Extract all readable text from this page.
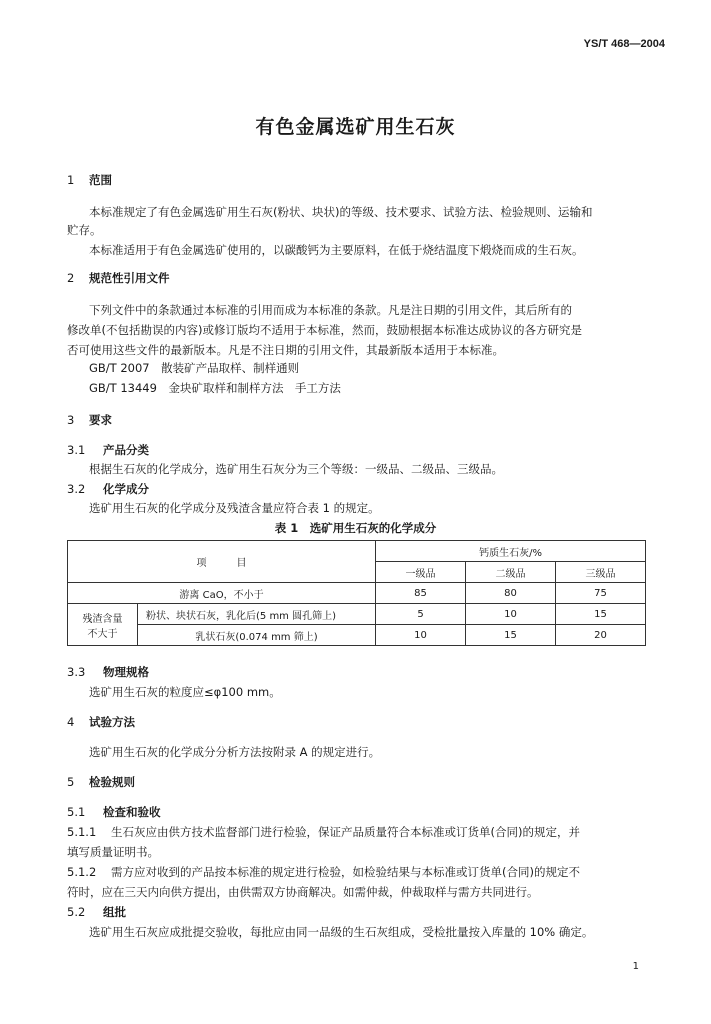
YS/T 468—2004
有色金属选矿用生石灰
1 范围
本标准规定了有色金属选矿用生石灰(粉状、块状)的等级、技术要求、试验方法、检验规则、运输和
贮存。
本标准适用于有色金属选矿使用的，以碳酸钙为主要原料，在低于烧结温度下煅烧而成的生石灰。
2 规范性引用文件
下列文件中的条款通过本标准的引用而成为本标准的条款。凡是注日期的引用文件，其后所有的
修改单(不包括勘误的内容)或修订版均不适用于本标准，然而，鼓励根据本标准达成协议的各方研究是
否可使用这些文件的最新版本。凡是不注日期的引用文件，其最新版本适用于本标准。
GB/T 2007　散装矿产品取样、制样通则
GB/T 13449　金块矿取样和制样方法　手工方法
3 要求
3.1 产品分类
根据生石灰的化学成分，选矿用生石灰分为三个等级：一级品、二级品、三级品。
3.2 化学成分
选矿用生石灰的化学成分及残渣含量应符合表 1 的规定。
表 1　选矿用生石灰的化学成分
项　　　目		钙质生石灰/%		
		一级品	二级品	三级品
游离 CaO，不小于		85	80	75

残渣含量
不大于	粉状、块状石灰，乳化后(5 mm 圆孔筛上)	5	10	15
	乳状石灰(0.074 mm 筛上)	10	15	20
3.3 物理规格
选矿用生石灰的粒度应≤φ100 mm。
4 试验方法
选矿用生石灰的化学成分分析方法按附录 A 的规定进行。
5 检验规则
5.1 检查和验收
5.1.1 生石灰应由供方技术监督部门进行检验，保证产品质量符合本标准或订货单(合同)的规定，并
填写质量证明书。
5.1.2 需方应对收到的产品按本标准的规定进行检验，如检验结果与本标准或订货单(合同)的规定不
符时，应在三天内向供方提出，由供需双方协商解决。如需仲裁，仲裁取样与需方共同进行。
5.2 组批
选矿用生石灰应成批提交验收，每批应由同一品级的生石灰组成，受检批量按入库量的 10% 确定。
1
